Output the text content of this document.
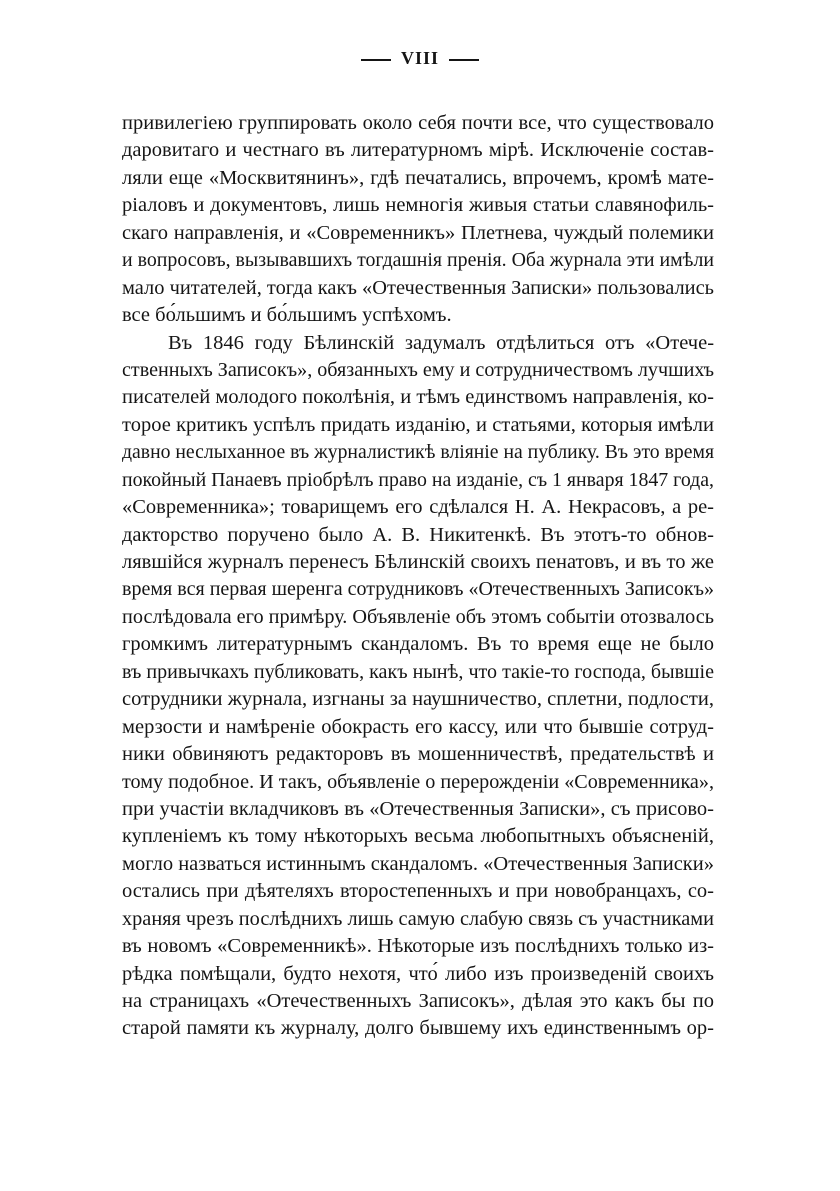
VIII
привилегіею группировать около себя почти все, что существовало
даровитаго и честнаго въ литературномъ мірѣ. Исключеніе состав-
ляли еще «Москвитянинъ», гдѣ печатались, впрочемъ, кромѣ мате-
ріаловъ и документовъ, лишь немногія живыя статьи славянофиль-
скаго направленія, и «Современникъ» Плетнева, чуждый полемики
и вопросовъ, вызывавшихъ тогдашнія пренія. Оба журнала эти имѣли
мало читателей, тогда какъ «Отечественныя Записки» пользовались
все бо́льшимъ и бо́льшимъ успѣхомъ.
Въ 1846 году Бѣлинскій задумалъ отдѣлиться отъ «Отече-
ственныхъ Записокъ», обязанныхъ ему и сотрудничествомъ лучшихъ
писателей молодого поколѣнія, и тѣмъ единствомъ направленія, ко-
торое критикъ успѣлъ придать изданію, и статьями, которыя имѣли
давно неслыханное въ журналистикѣ вліяніе на публику. Въ это время
покойный Панаевъ пріобрѣлъ право на изданіе, съ 1 января 1847 года,
«Современника»; товарищемъ его сдѣлался Н. А. Некрасовъ, а ре-
дакторство поручено было А. В. Никитенкѣ. Въ этотъ-то обнов-
лявшійся журналъ перенесъ Бѣлинскій своихъ пенатовъ, и въ то же
время вся первая шеренга сотрудниковъ «Отечественныхъ Записокъ»
послѣдовала его примѣру. Объявленіе объ этомъ событіи отозвалось
громкимъ литературнымъ скандаломъ. Въ то время еще не было
въ привычкахъ публиковать, какъ нынѣ, что такіе-то господа, бывшіе
сотрудники журнала, изгнаны за наушничество, сплетни, подлости,
мерзости и намѣреніе обокрасть его кассу, или что бывшіе сотруд-
ники обвиняютъ редакторовъ въ мошенничествѣ, предательствѣ и
тому подобное. И такъ, объявленіе о перерожденіи «Современника»,
при участіи вкладчиковъ въ «Отечественныя Записки», съ присово-
купленіемъ къ тому нѣкоторыхъ весьма любопытныхъ объясненій,
могло назваться истиннымъ скандаломъ. «Отечественныя Записки»
остались при дѣятеляхъ второстепенныхъ и при новобранцахъ, со-
храняя чрезъ послѣднихъ лишь самую слабую связь съ участниками
въ новомъ «Современникѣ». Нѣкоторые изъ послѣднихъ только из-
рѣдка помѣщали, будто нехотя, что́ либо изъ произведеній своихъ
на страницахъ «Отечественныхъ Записокъ», дѣлая это какъ бы по
старой памяти къ журналу, долго бывшему ихъ единственнымъ ор-
